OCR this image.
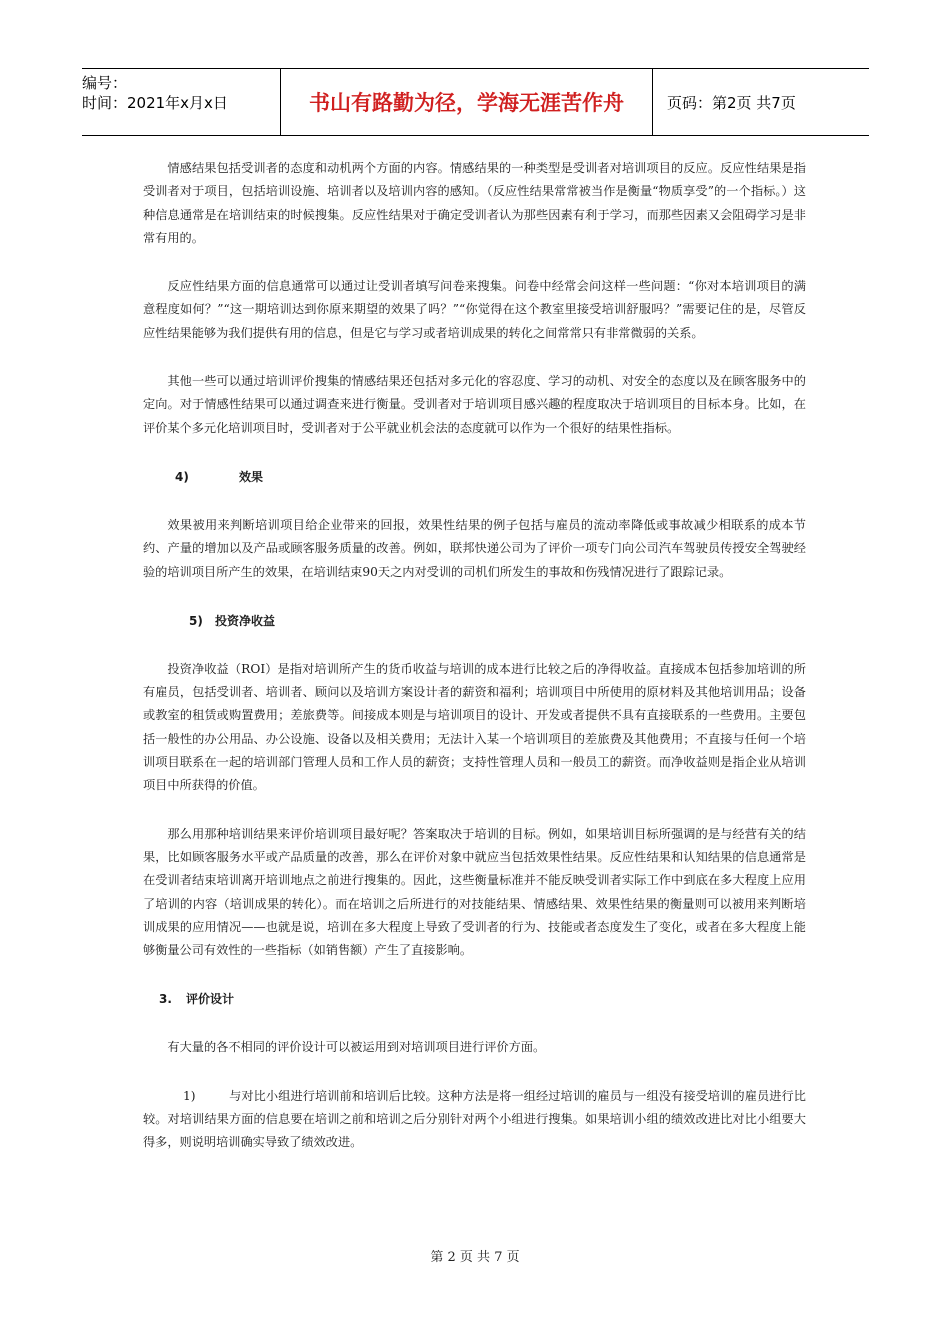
编号：
时间：2021年x月x日	书山有路勤为径，学海无涯苦作舟	页码：第2页 共7页

情感结果包括受训者的态度和动机两个方面的内容。情感结果的一种类型是受训者对培训项目的反应。反应性结果是指受训者对于项目，包括培训设施、培训者以及培训内容的感知。（反应性结果常常被当作是衡量“物质享受”的一个指标。）这种信息通常是在培训结束的时候搜集。反应性结果对于确定受训者认为那些因素有利于学习，而那些因素又会阻碍学习是非常有用的。

反应性结果方面的信息通常可以通过让受训者填写问卷来搜集。问卷中经常会问这样一些问题：“你对本培训项目的满意程度如何？”“这一期培训达到你原来期望的效果了吗？”“你觉得在这个教室里接受培训舒服吗？”需要记住的是，尽管反应性结果能够为我们提供有用的信息，但是它与学习或者培训成果的转化之间常常只有非常微弱的关系。

其他一些可以通过培训评价搜集的情感结果还包括对多元化的容忍度、学习的动机、对安全的态度以及在顾客服务中的定向。对于情感性结果可以通过调查来进行衡量。受训者对于培训项目感兴趣的程度取决于培训项目的目标本身。比如，在评价某个多元化培训项目时，受训者对于公平就业机会法的态度就可以作为一个很好的结果性指标。

4)	效果

效果被用来判断培训项目给企业带来的回报，效果性结果的例子包括与雇员的流动率降低或事故减少相联系的成本节约、产量的增加以及产品或顾客服务质量的改善。例如，联邦快递公司为了评价一项专门向公司汽车驾驶员传授安全驾驶经验的培训项目所产生的效果，在培训结束90天之内对受训的司机们所发生的事故和伤残情况进行了跟踪记录。

5) 投资净收益

投资净收益（ROI）是指对培训所产生的货币收益与培训的成本进行比较之后的净得收益。直接成本包括参加培训的所有雇员，包括受训者、培训者、顾问以及培训方案设计者的薪资和福利；培训项目中所使用的原材料及其他培训用品；设备或教室的租赁或购置费用；差旅费等。间接成本则是与培训项目的设计、开发或者提供不具有直接联系的一些费用。主要包括一般性的办公用品、办公设施、设备以及相关费用；无法计入某一个培训项目的差旅费及其他费用；不直接与任何一个培训项目联系在一起的培训部门管理人员和工作人员的薪资；支持性管理人员和一般员工的薪资。而净收益则是指企业从培训项目中所获得的价值。

那么用那种培训结果来评价培训项目最好呢？答案取决于培训的目标。例如，如果培训目标所强调的是与经营有关的结果，比如顾客服务水平或产品质量的改善，那么在评价对象中就应当包括效果性结果。反应性结果和认知结果的信息通常是在受训者结束培训离开培训地点之前进行搜集的。因此，这些衡量标准并不能反映受训者实际工作中到底在多大程度上应用了培训的内容（培训成果的转化）。而在培训之后所进行的对技能结果、情感结果、效果性结果的衡量则可以被用来判断培训成果的应用情况——也就是说，培训在多大程度上导致了受训者的行为、技能或者态度发生了变化，或者在多大程度上能够衡量公司有效性的一些指标（如销售额）产生了直接影响。

3. 评价设计

有大量的各不相同的评价设计可以被运用到对培训项目进行评价方面。

1)	与对比小组进行培训前和培训后比较。这种方法是将一组经过培训的雇员与一组没有接受培训的雇员进行比较。对培训结果方面的信息要在培训之前和培训之后分别针对两个小组进行搜集。如果培训小组的绩效改进比对比小组要大得多，则说明培训确实导致了绩效改进。

第 2 页 共 7 页
